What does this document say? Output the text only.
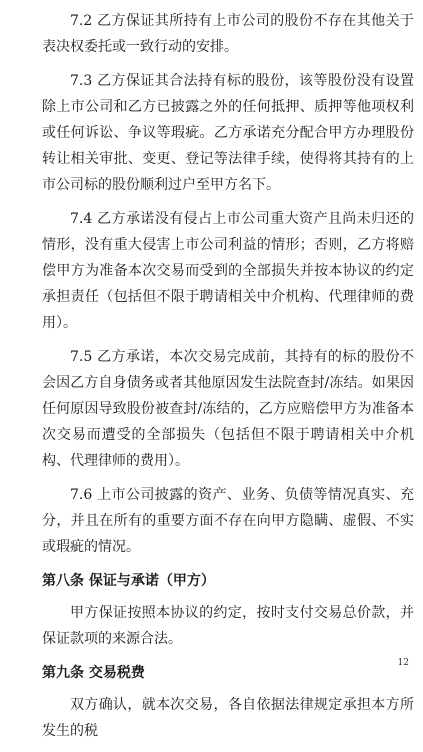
7.2 乙方保证其所持有上市公司的股份不存在其他关于表决权委托或一致行动的安排。

7.3 乙方保证其合法持有标的股份，该等股份没有设置除上市公司和乙方已披露之外的任何抵押、质押等他项权利或任何诉讼、争议等瑕疵。乙方承诺充分配合甲方办理股份转让相关审批、变更、登记等法律手续，使得将其持有的上市公司标的股份顺利过户至甲方名下。

7.4 乙方承诺没有侵占上市公司重大资产且尚未归还的情形，没有重大侵害上市公司利益的情形；否则，乙方将赔偿甲方为准备本次交易而受到的全部损失并按本协议的约定承担责任（包括但不限于聘请相关中介机构、代理律师的费用）。

7.5 乙方承诺，本次交易完成前，其持有的标的股份不会因乙方自身债务或者其他原因发生法院查封/冻结。如果因任何原因导致股份被查封/冻结的，乙方应赔偿甲方为准备本次交易而遭受的全部损失（包括但不限于聘请相关中介机构、代理律师的费用）。

7.6 上市公司披露的资产、业务、负债等情况真实、充分，并且在所有的重要方面不存在向甲方隐瞒、虚假、不实或瑕疵的情况。

第八条 保证与承诺（甲方）

甲方保证按照本协议的约定，按时支付交易总价款，并保证款项的来源合法。

第九条 交易税费

双方确认，就本次交易，各自依据法律规定承担本方所发生的税

12
